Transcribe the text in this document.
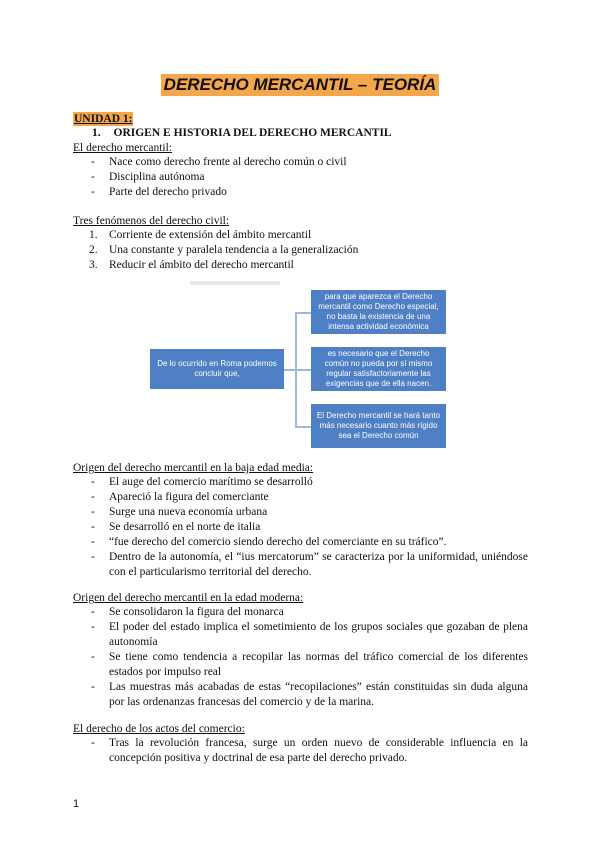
DERECHO MERCANTIL – TEORÍA
UNIDAD 1:
1. ORIGEN E HISTORIA DEL DERECHO MERCANTIL
El derecho mercantil:
- Nace como derecho frente al derecho común o civil
- Disciplina autónoma
- Parte del derecho privado
Tres fenómenos del derecho civil:
1. Corriente de extensión del ámbito mercantil
2. Una constante y paralela tendencia a la generalización
3. Reducir el ámbito del derecho mercantil
De lo ocurrido en Roma podemos concluir que,
para que aparezca el Derecho mercantil como Derecho especial, no basta la existencia de una intensa actividad económica
es necesario que el Derecho común no pueda por sí mismo regular satisfactoriamente las exigencias que de ella nacen.
El Derecho mercantil se hará tanto más necesario cuanto más rígido sea el Derecho común
Origen del derecho mercantil en la baja edad media:
- El auge del comercio marítimo se desarrolló
- Apareció la figura del comerciante
- Surge una nueva economía urbana
- Se desarrolló en el norte de italia
- “fue derecho del comercio siendo derecho del comerciante en su tráfico”.
- Dentro de la autonomía, el “ius mercatorum” se caracteriza por la uniformidad, uniéndose con el particularismo territorial del derecho.
Origen del derecho mercantil en la edad moderna:
- Se consolidaron la figura del monarca
- El poder del estado implica el sometimiento de los grupos sociales que gozaban de plena autonomía
- Se tiene como tendencia a recopilar las normas del tráfico comercial de los diferentes estados por impulso real
- Las muestras más acabadas de estas “recopilaciones” están constituidas sin duda alguna por las ordenanzas francesas del comercio y de la marina.
El derecho de los actos del comercio:
- Tras la revolución francesa, surge un orden nuevo de considerable influencia en la concepción positiva y doctrinal de esa parte del derecho privado.
1
